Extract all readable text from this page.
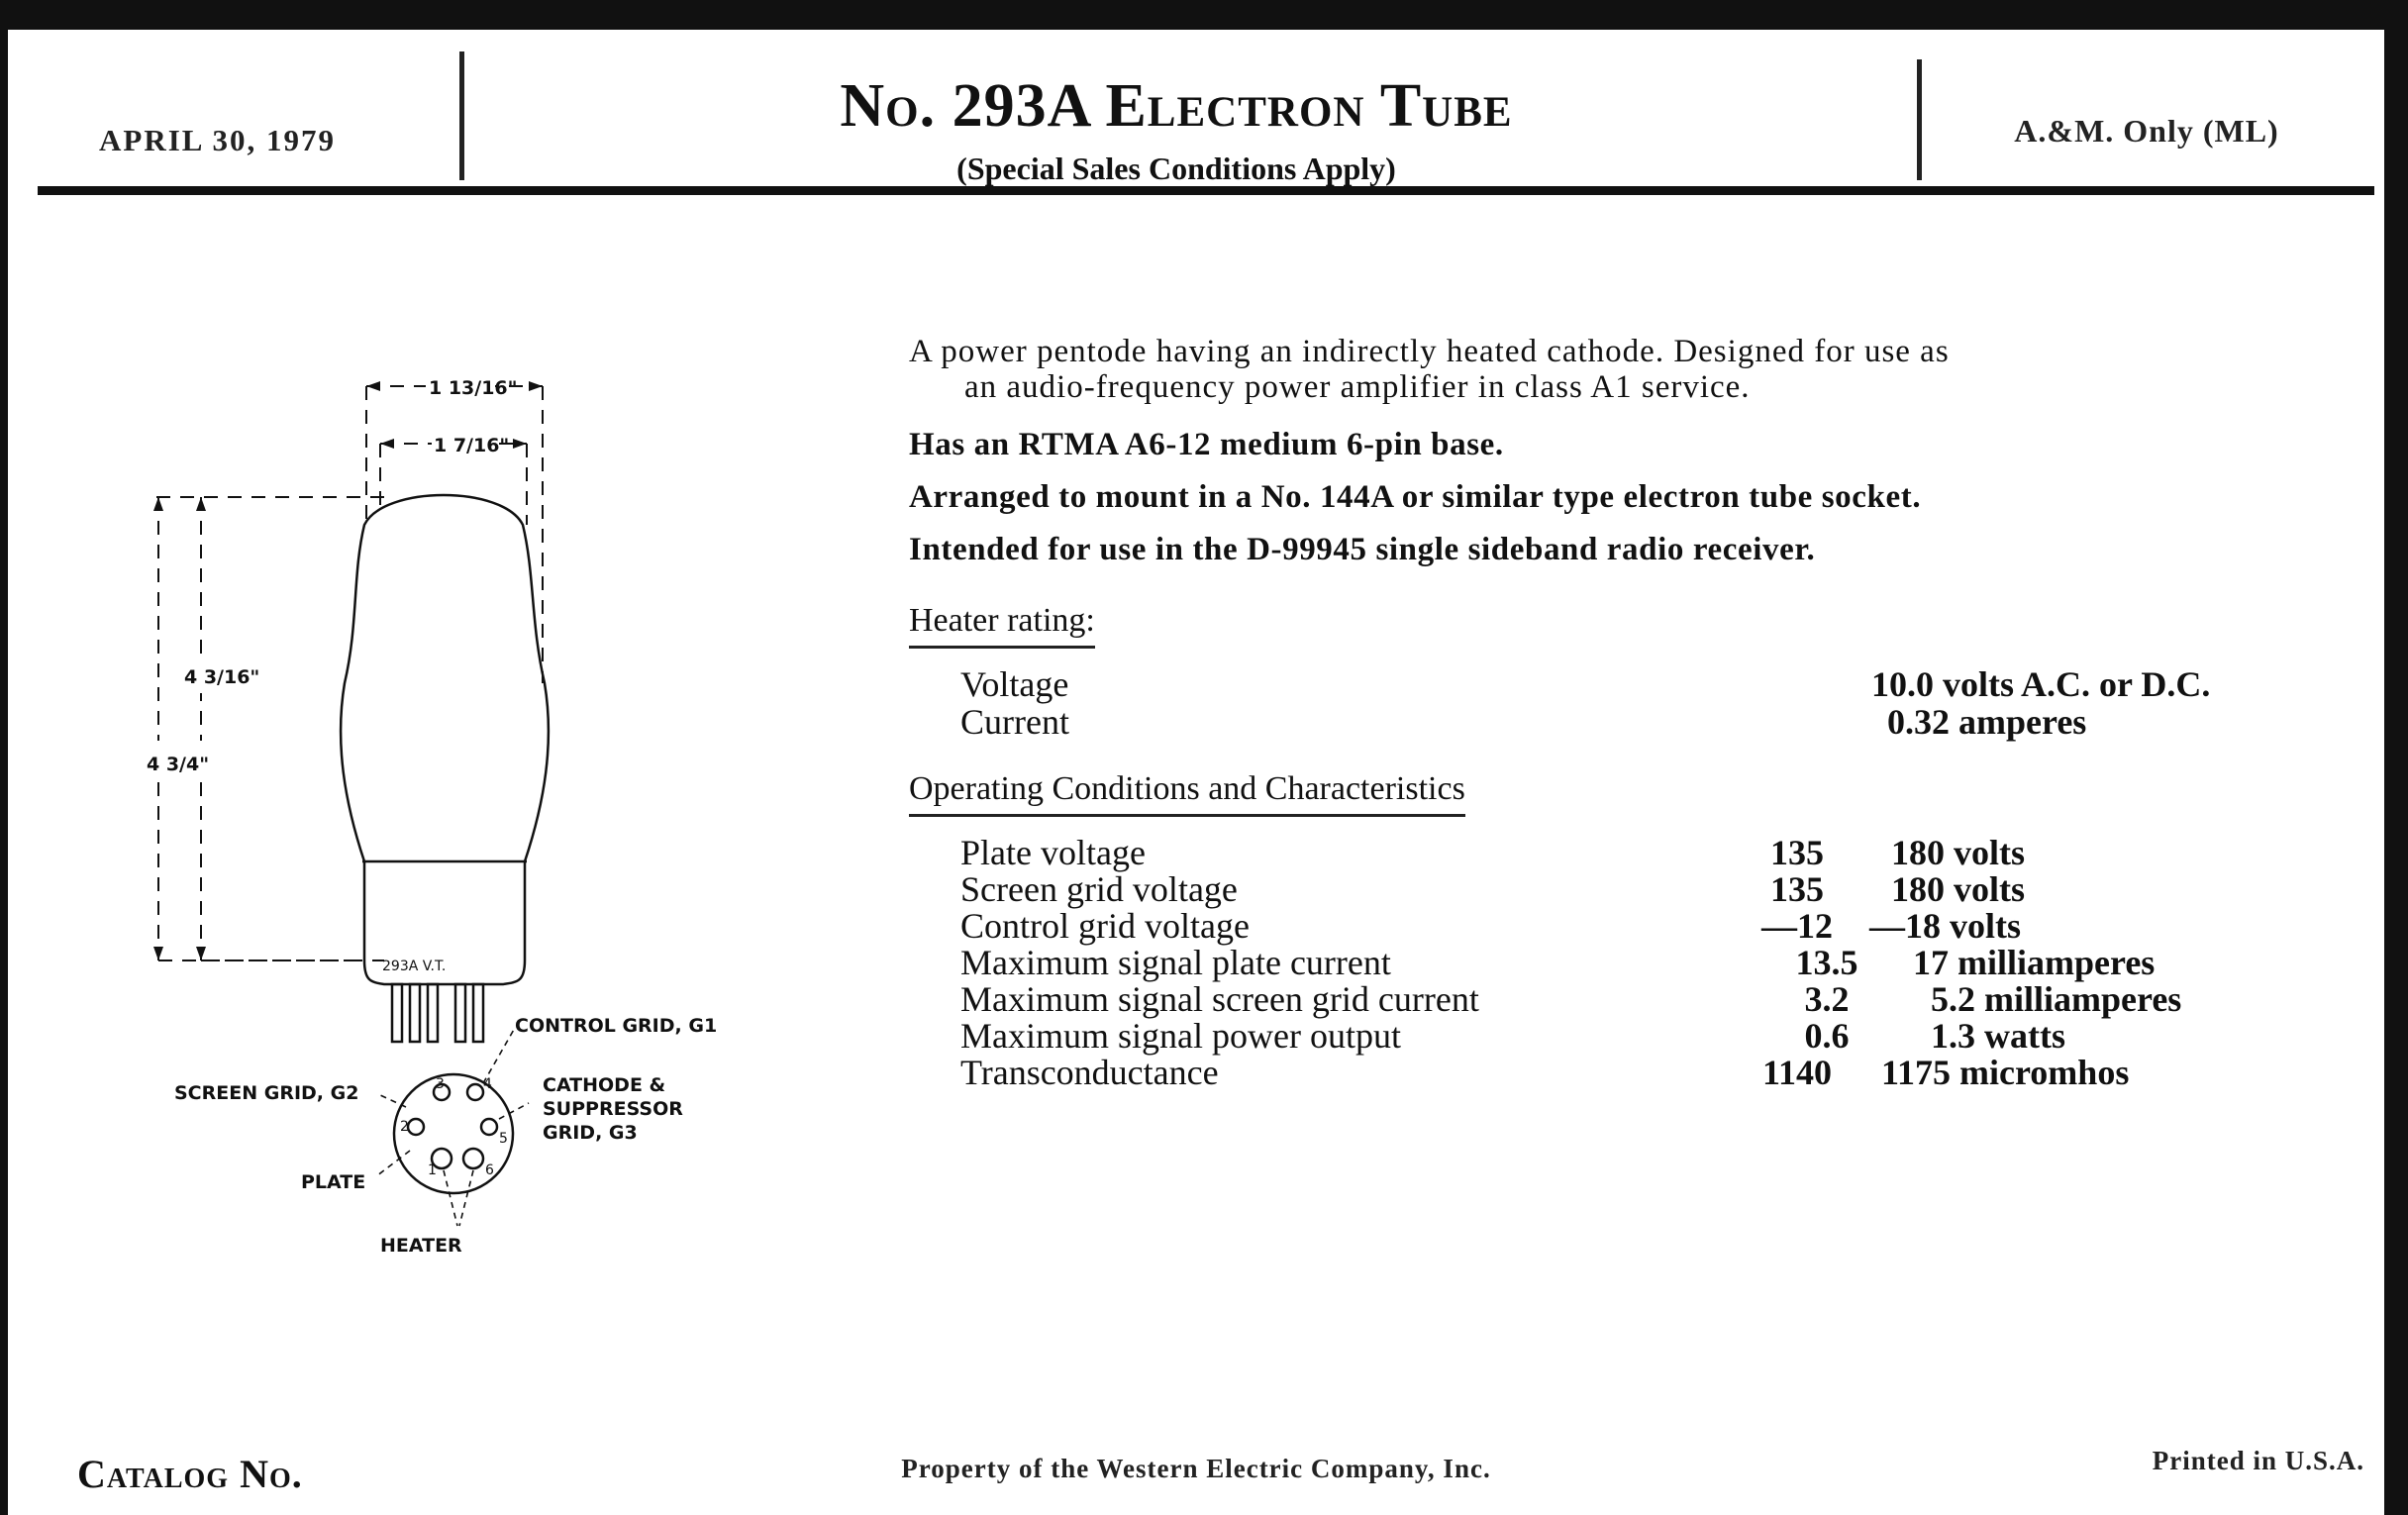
APRIL 30, 1979
No. 293A Electron Tube
(Special Sales Conditions Apply)
A.&M. Only (ML)
A power pentode having an indirectly heated cathode. Designed for use as
an audio-frequency power amplifier in class A1 service.
Has an RTMA A6-12 medium 6-pin base.
Arranged to mount in a No. 144A or similar type electron tube socket.
Intended for use in the D-99945 single sideband radio receiver.
Heater rating:
Voltage	10.0 volts A.C. or D.C.
Current	0.32 amperes
Operating Conditions and Characteristics
Plate voltage	135	180 volts
Screen grid voltage	135	180 volts
Control grid voltage	—12	—18 volts
Maximum signal plate current	13.5	17 milliamperes
Maximum signal screen grid current	3.2	5.2 milliamperes
Maximum signal power output	0.6	1.3 watts
Transconductance	1140	1175 micromhos
1 13/16"
1 7/16"
4 3/16"
4 3/4"
293A V.T.
3	4
5
2
1	6
CONTROL GRID, G1
SCREEN GRID, G2	CATHODE &
SUPPRESSOR
GRID, G3
PLATE
HEATER
Catalog No.	Property of the Western Electric Company, Inc.	Printed in U.S.A.
